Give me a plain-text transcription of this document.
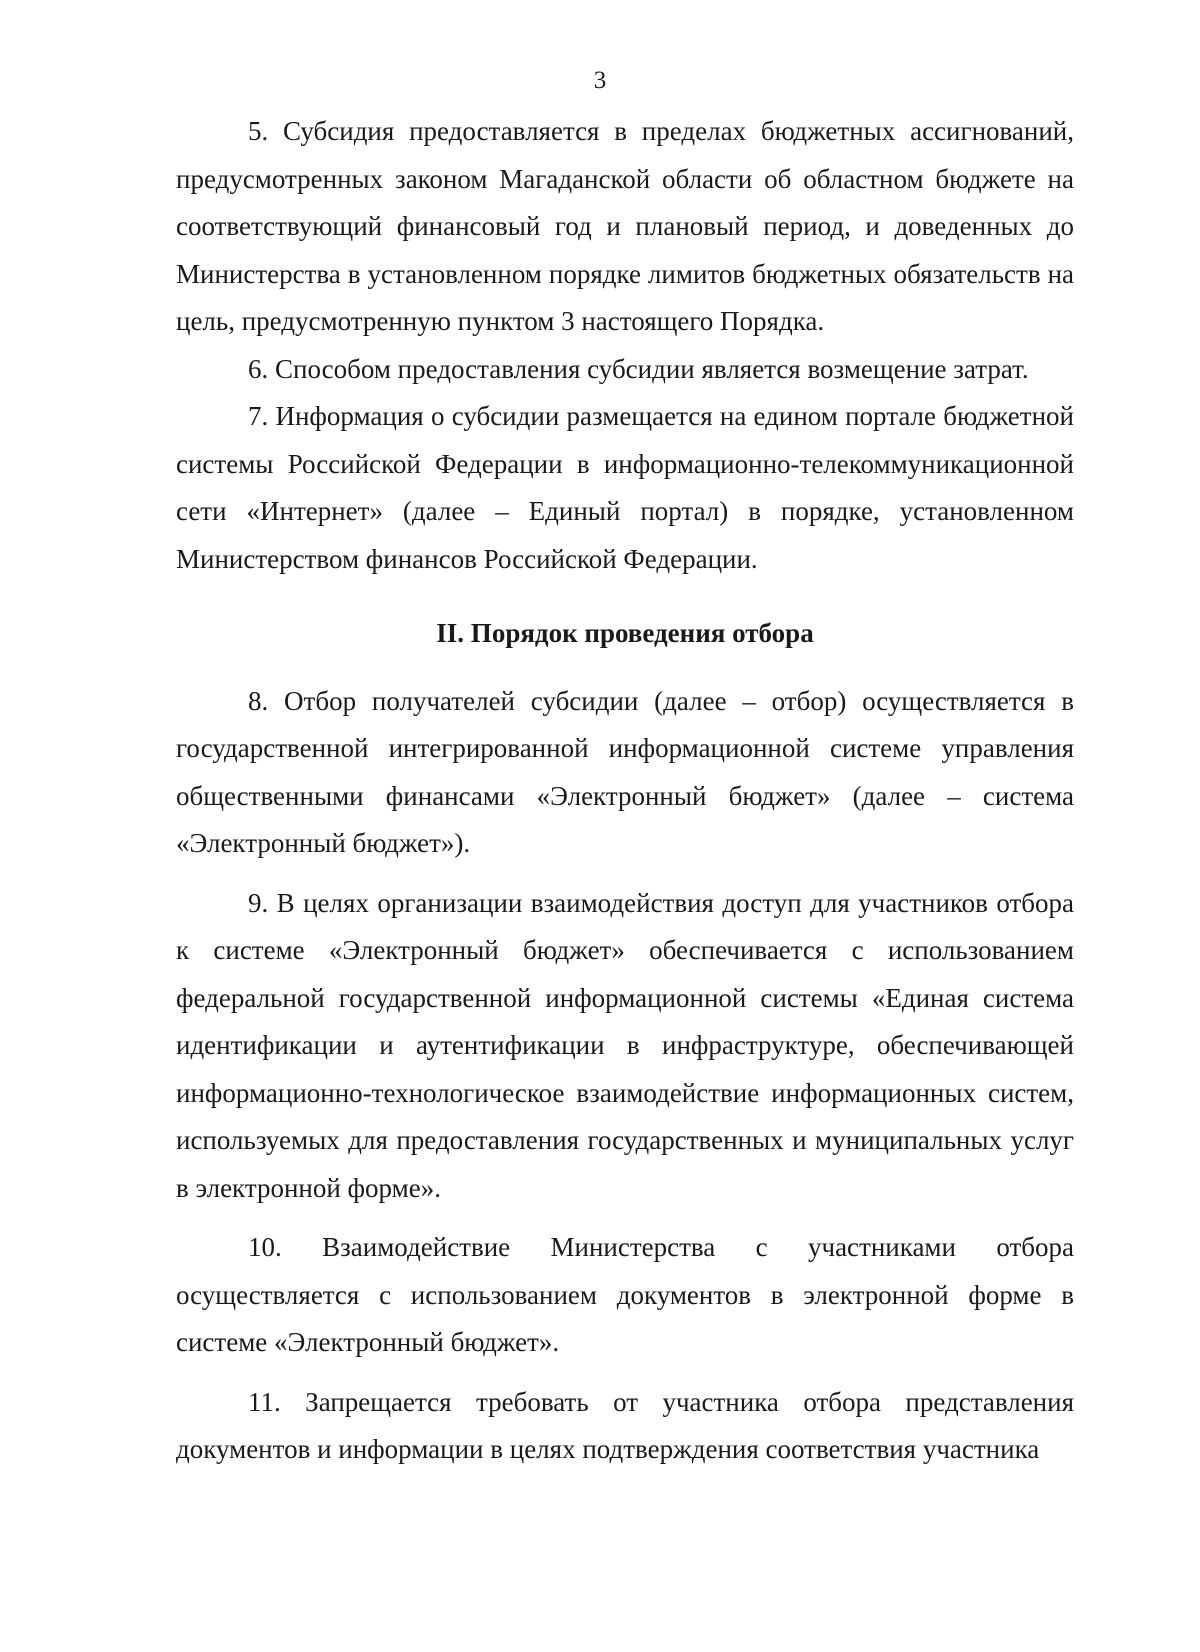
3

5. Субсидия предоставляется в пределах бюджетных ассигнований, предусмотренных законом Магаданской области об областном бюджете на соответствующий финансовый год и плановый период, и доведенных до Министерства в установленном порядке лимитов бюджетных обязательств на цель, предусмотренную пунктом 3 настоящего Порядка.

6. Способом предоставления субсидии является возмещение затрат.

7. Информация о субсидии размещается на едином портале бюджетной системы Российской Федерации в информационно-телекоммуникационной сети «Интернет» (далее – Единый портал) в порядке, установленном Министерством финансов Российской Федерации.

II. Порядок проведения отбора

8. Отбор получателей субсидии (далее – отбор) осуществляется в государственной интегрированной информационной системе управления общественными финансами «Электронный бюджет» (далее – система «Электронный бюджет»).

9. В целях организации взаимодействия доступ для участников отбора к системе «Электронный бюджет» обеспечивается с использованием федеральной государственной информационной системы «Единая система идентификации и аутентификации в инфраструктуре, обеспечивающей информационно-технологическое взаимодействие информационных систем, используемых для предоставления государственных и муниципальных услуг в электронной форме».

10. Взаимодействие Министерства с участниками отбора осуществляется с использованием документов в электронной форме в системе «Электронный бюджет».

11. Запрещается требовать от участника отбора представления документов и информации в целях подтверждения соответствия участника
